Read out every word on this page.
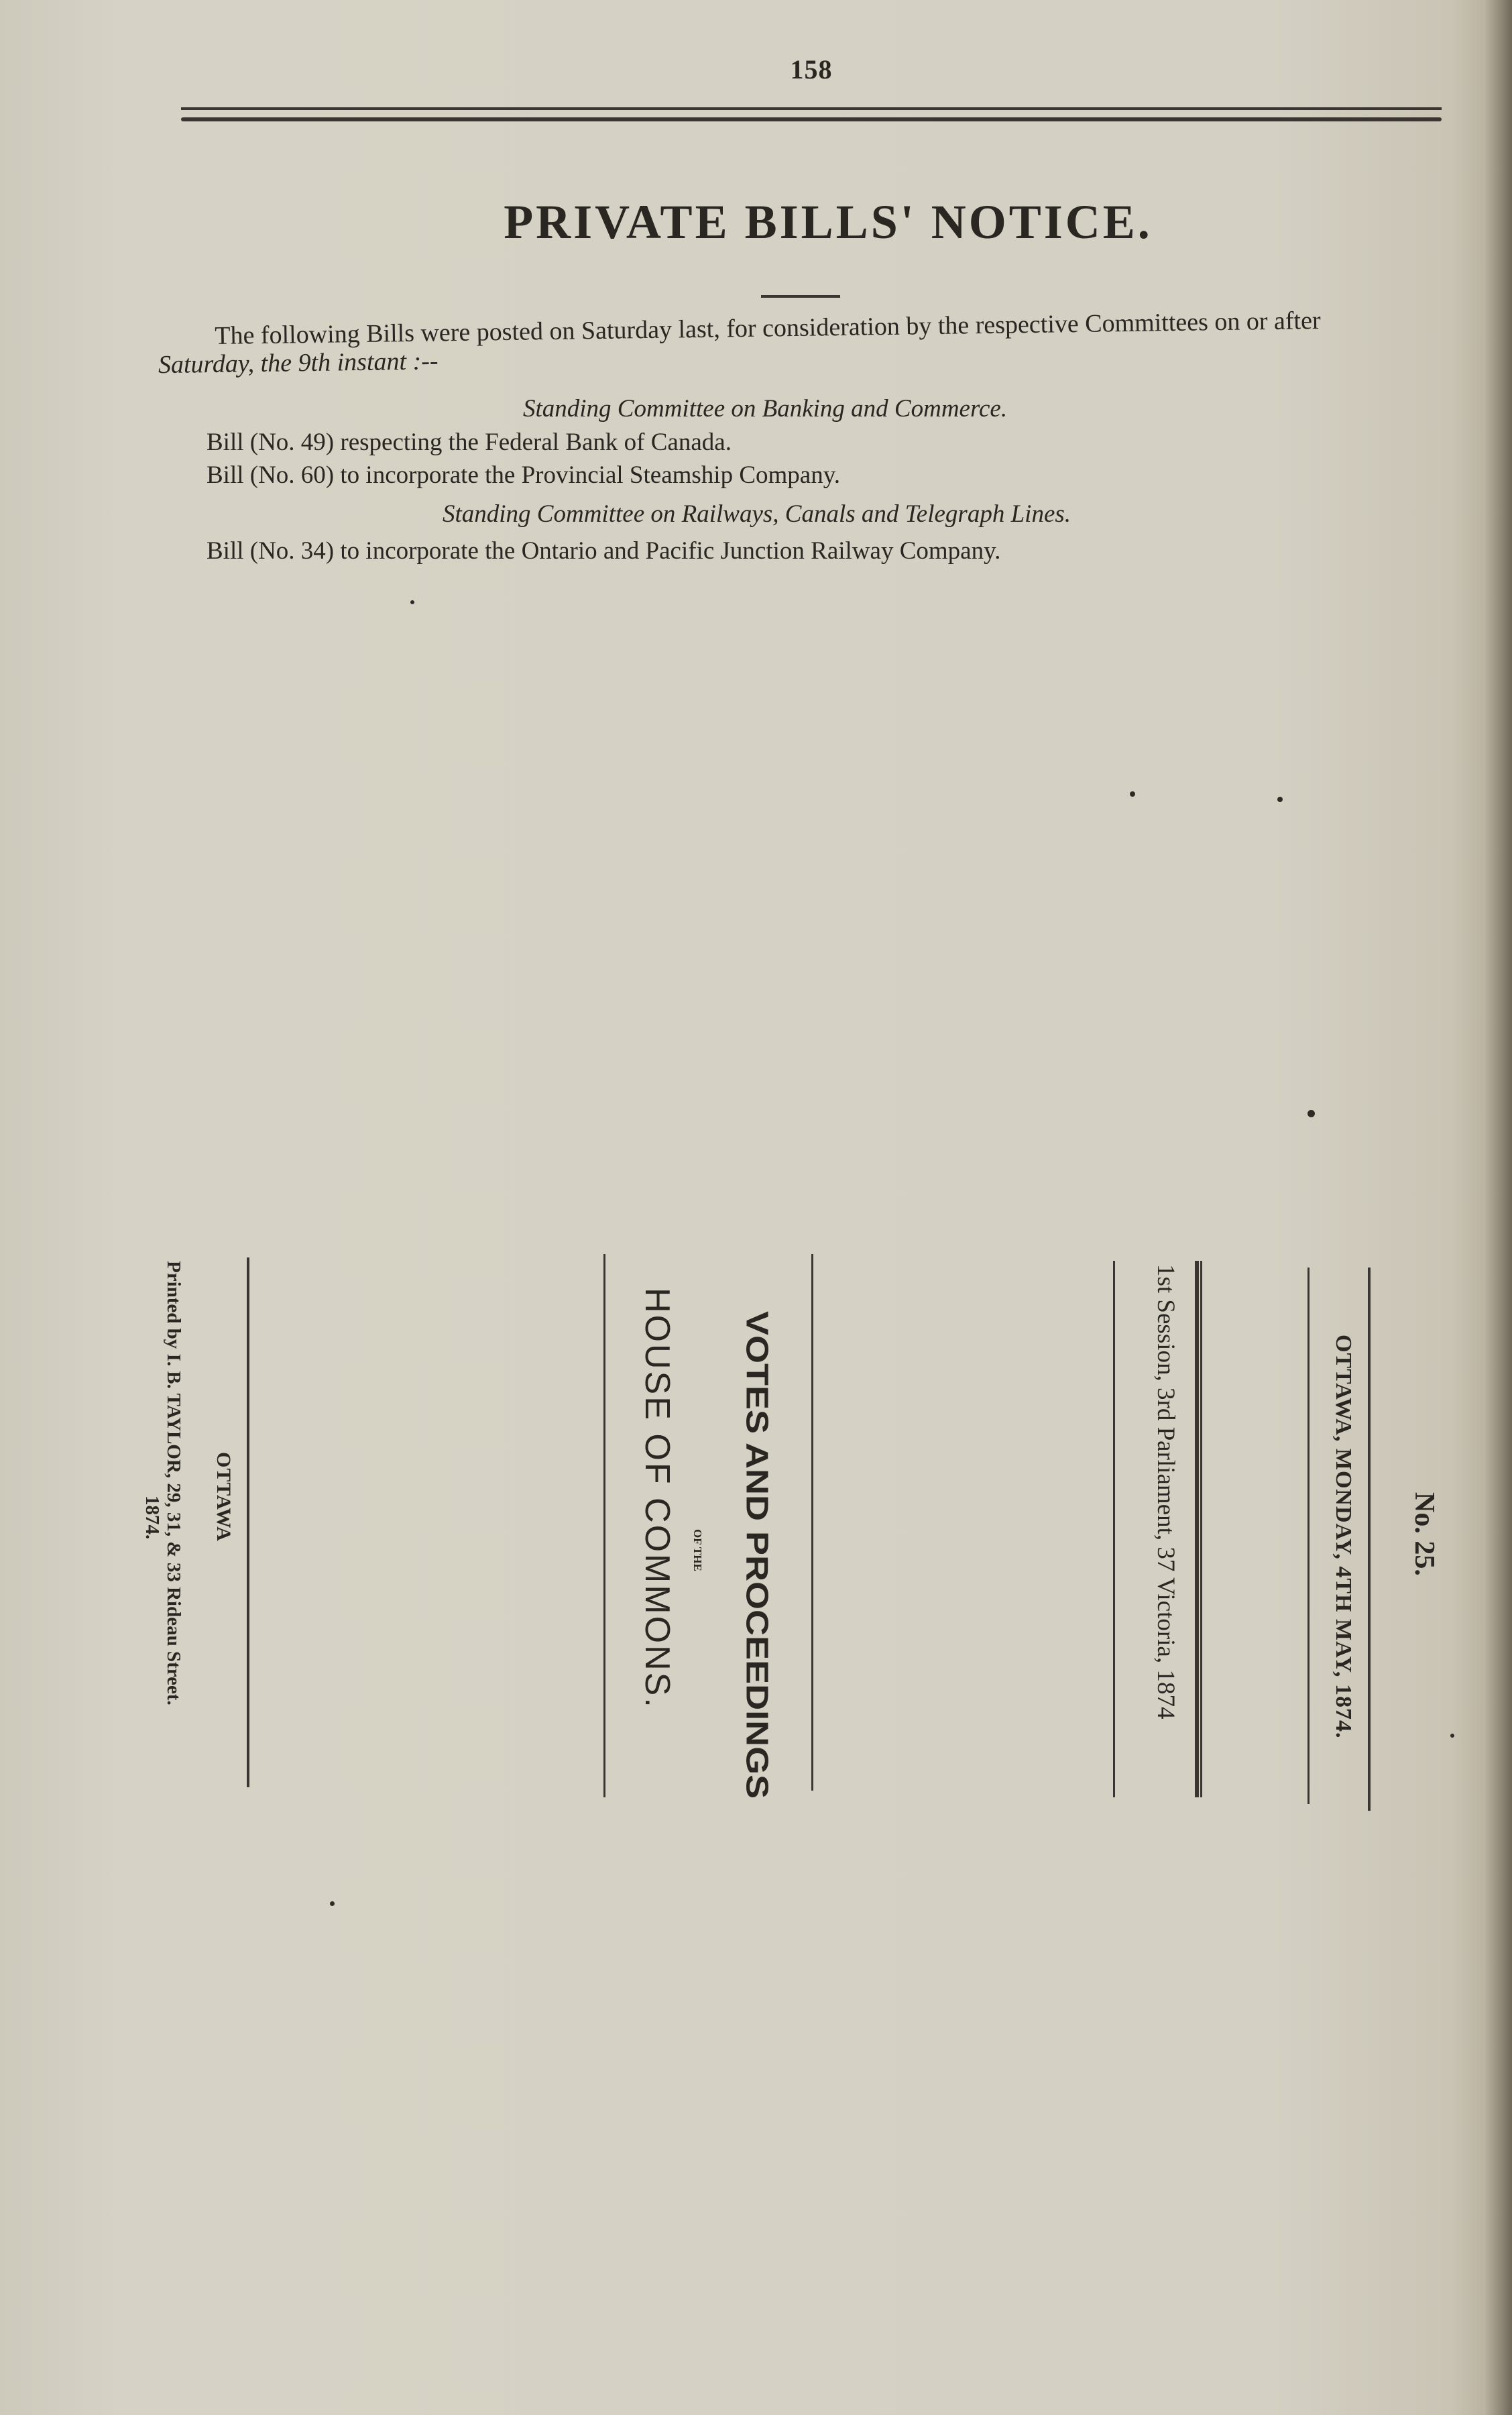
158
PRIVATE BILLS' NOTICE.
The following Bills were posted on Saturday last, for consideration by the respective Committees on or after
Saturday, the 9th instant :--
Standing Committee on Banking and Commerce.
Bill (No. 49) respecting the Federal Bank of Canada.
Bill (No. 60) to incorporate the Provincial Steamship Company.
Standing Committee on Railways, Canals and Telegraph Lines.
Bill (No. 34) to incorporate the Ontario and Pacific Junction Railway Company.
No. 25.
OTTAWA, MONDAY, 4TH MAY, 1874.
1st Session, 3rd Parliament, 37 Victoria, 1874
VOTES AND PROCEEDINGS
OF THE
HOUSE OF COMMONS.
OTTAWA
Printed by I. B. TAYLOR, 29, 31, & 33 Rideau Street.
1874.
